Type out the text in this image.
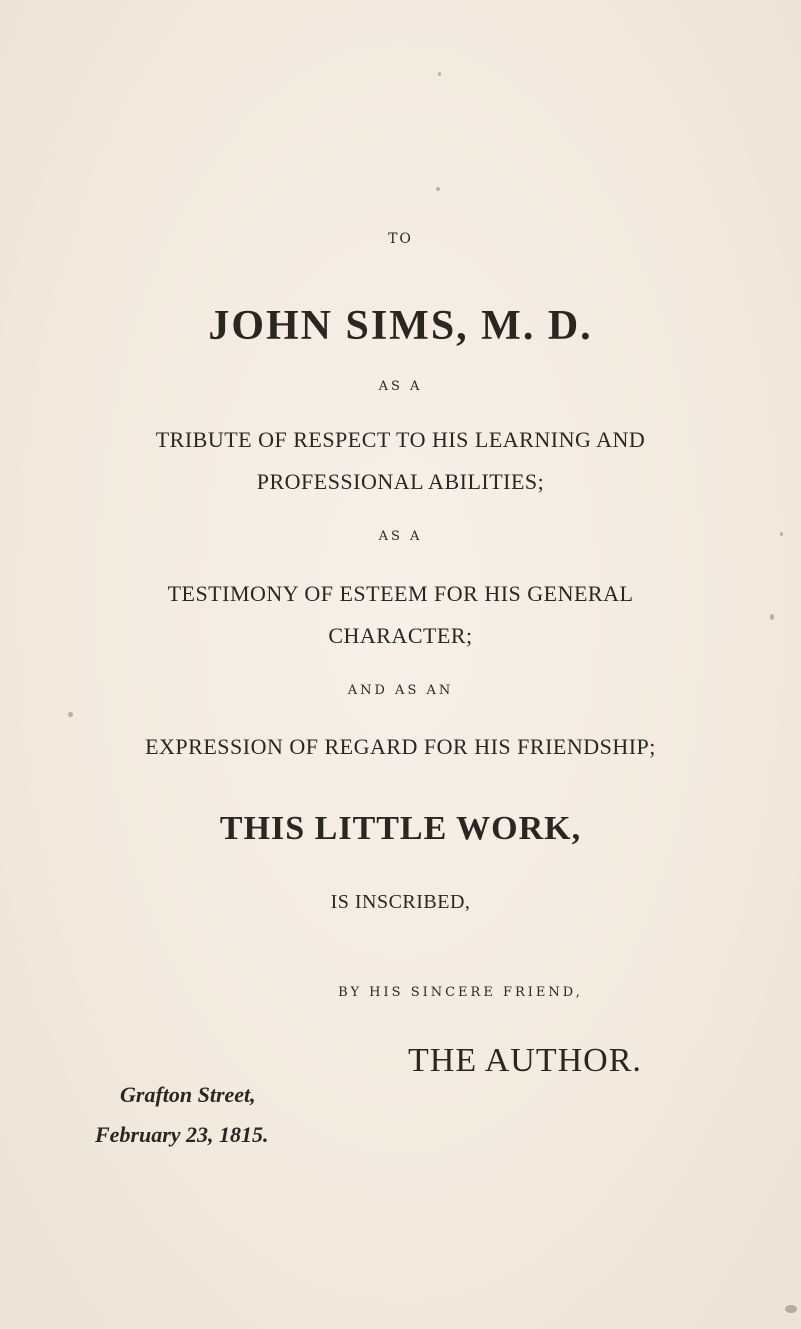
TO
JOHN SIMS, M. D.
AS A
TRIBUTE OF RESPECT TO HIS LEARNING AND
PROFESSIONAL ABILITIES;
AS A
TESTIMONY OF ESTEEM FOR HIS GENERAL
CHARACTER;
AND AS AN
EXPRESSION OF REGARD FOR HIS FRIENDSHIP;
THIS LITTLE WORK,
IS INSCRIBED,
BY HIS SINCERE FRIEND,
THE AUTHOR.
Grafton Street,
February 23, 1815.
